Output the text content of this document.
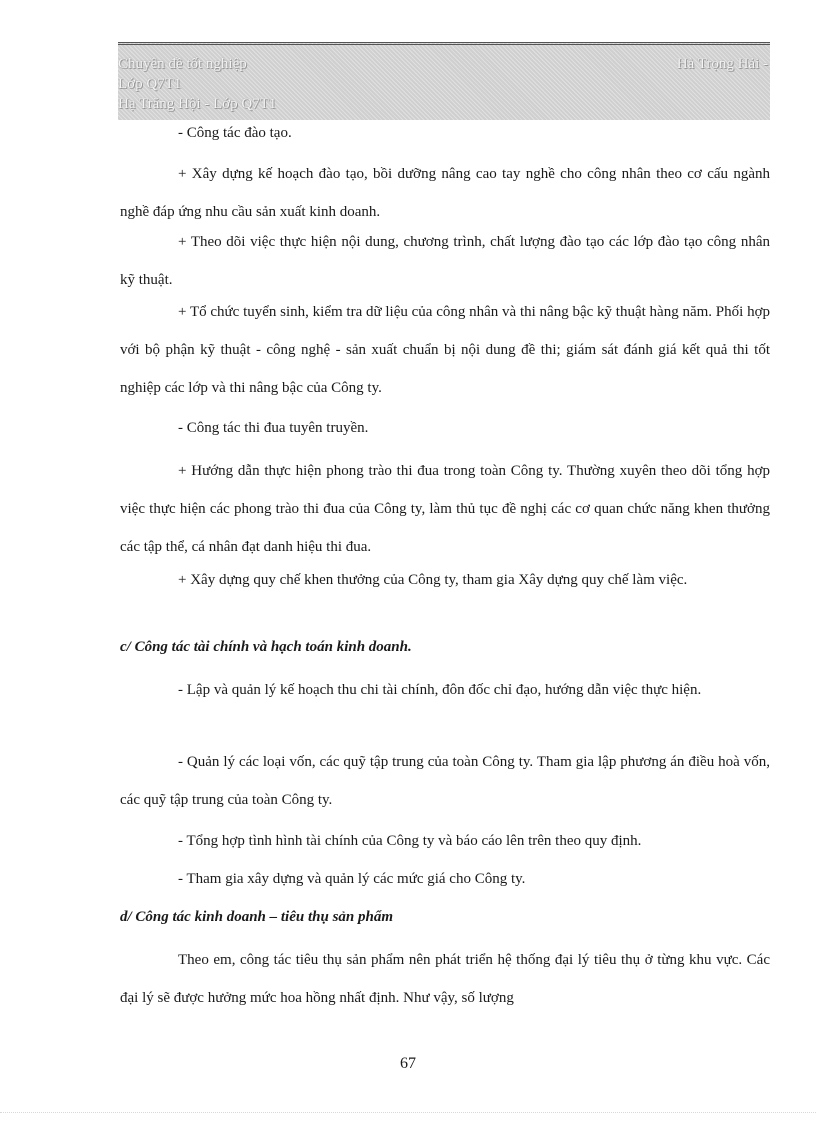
Chuyên đề tốt nghiệp	Hà Trọng Hải -
Lớp Q7T1
Hạ Trăng Hội - Lớp Q7T1

- Công tác đào tạo.

+ Xây dựng kế hoạch đào tạo, bồi dưỡng nâng cao tay nghề cho công nhân theo cơ cấu ngành nghề đáp ứng nhu cầu sản xuất kinh doanh.

+ Theo dõi việc thực hiện nội dung, chương trình, chất lượng đào tạo các lớp đào tạo công nhân kỹ thuật.

+ Tổ chức tuyển sinh, kiểm tra dữ liệu của công nhân và thi nâng bậc kỹ thuật hàng năm. Phối hợp với bộ phận kỹ thuật - công nghệ - sản xuất chuẩn bị nội dung đề thi; giám sát đánh giá kết quả thi tốt nghiệp các lớp và thi nâng bậc của Công ty.

- Công tác thi đua tuyên truyền.

+ Hướng dẫn thực hiện phong trào thi đua trong toàn Công ty. Thường xuyên theo dõi tổng hợp việc thực hiện các phong trào thi đua của Công ty, làm thủ tục đề nghị các cơ quan chức năng khen thưởng các tập thể, cá nhân đạt danh hiệu thi đua.

+ Xây dựng quy chế khen thưởng của Công ty, tham gia Xây dựng quy chế làm việc.

c/ Công tác tài chính và hạch toán kinh doanh.

- Lập và quản lý kế hoạch thu chi tài chính, đôn đốc chỉ đạo, hướng dẫn việc thực hiện.

- Quản lý các loại vốn, các quỹ tập trung của toàn Công ty. Tham gia lập phương án điều hoà vốn, các quỹ tập trung của toàn Công ty.

- Tổng hợp tình hình tài chính của Công ty và báo cáo lên trên theo quy định.

- Tham gia xây dựng và quản lý các mức giá cho Công ty.

d/ Công tác kinh doanh – tiêu thụ sản phẩm

Theo em, công tác tiêu thụ sản phẩm nên phát triển hệ thống đại lý tiêu thụ ở từng khu vực. Các đại lý sẽ được hưởng mức hoa hồng nhất định. Như vậy, số lượng

67
